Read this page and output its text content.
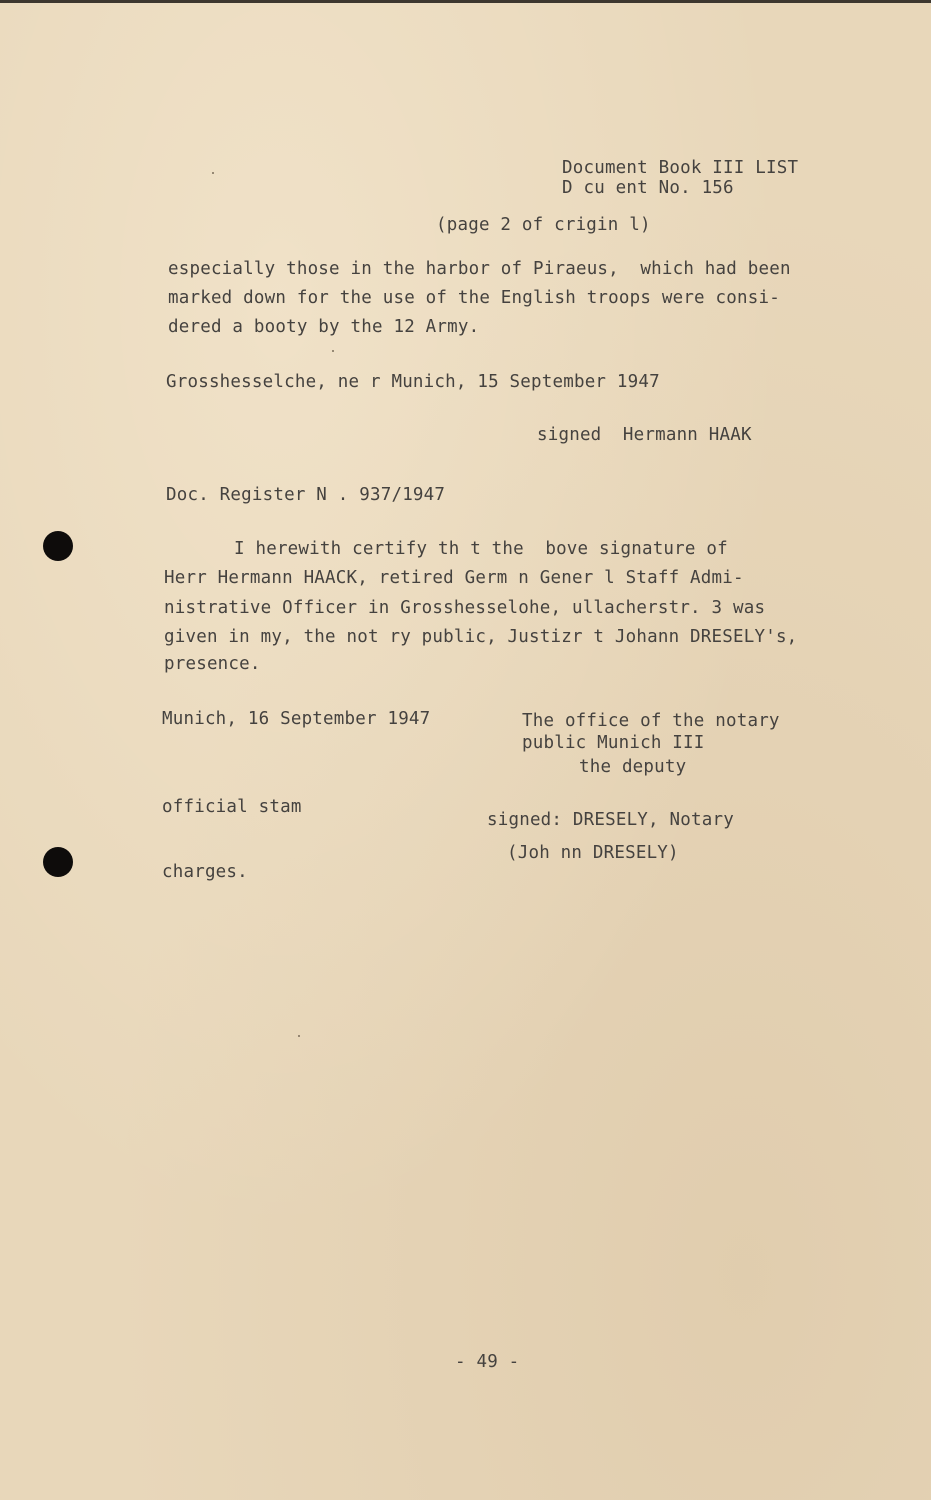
Document Book III LIST

D cu ent No. 156

(page 2 of crigin l)

especially those in the harbor of Piraeus,  which had been

marked down for the use of the English troops were consi-

dered a booty by the 12 Army.

Grosshesselche, ne r Munich, 15 September 1947

signed  Hermann HAAK

Doc. Register N . 937/1947

I herewith certify th t the  bove signature of

Herr Hermann HAACK, retired Germ n Gener l Staff Admi-

nistrative Officer in Grosshesselohe, ullacherstr. 3 was

given in my, the not ry public, Justizr t Johann DRESELY's,

presence.

Munich, 16 September 1947	The office of the notary

public Munich III

the deputy

official stam

signed: DRESELY, Notary

(Joh nn DRESELY)

charges.

- 49 -
